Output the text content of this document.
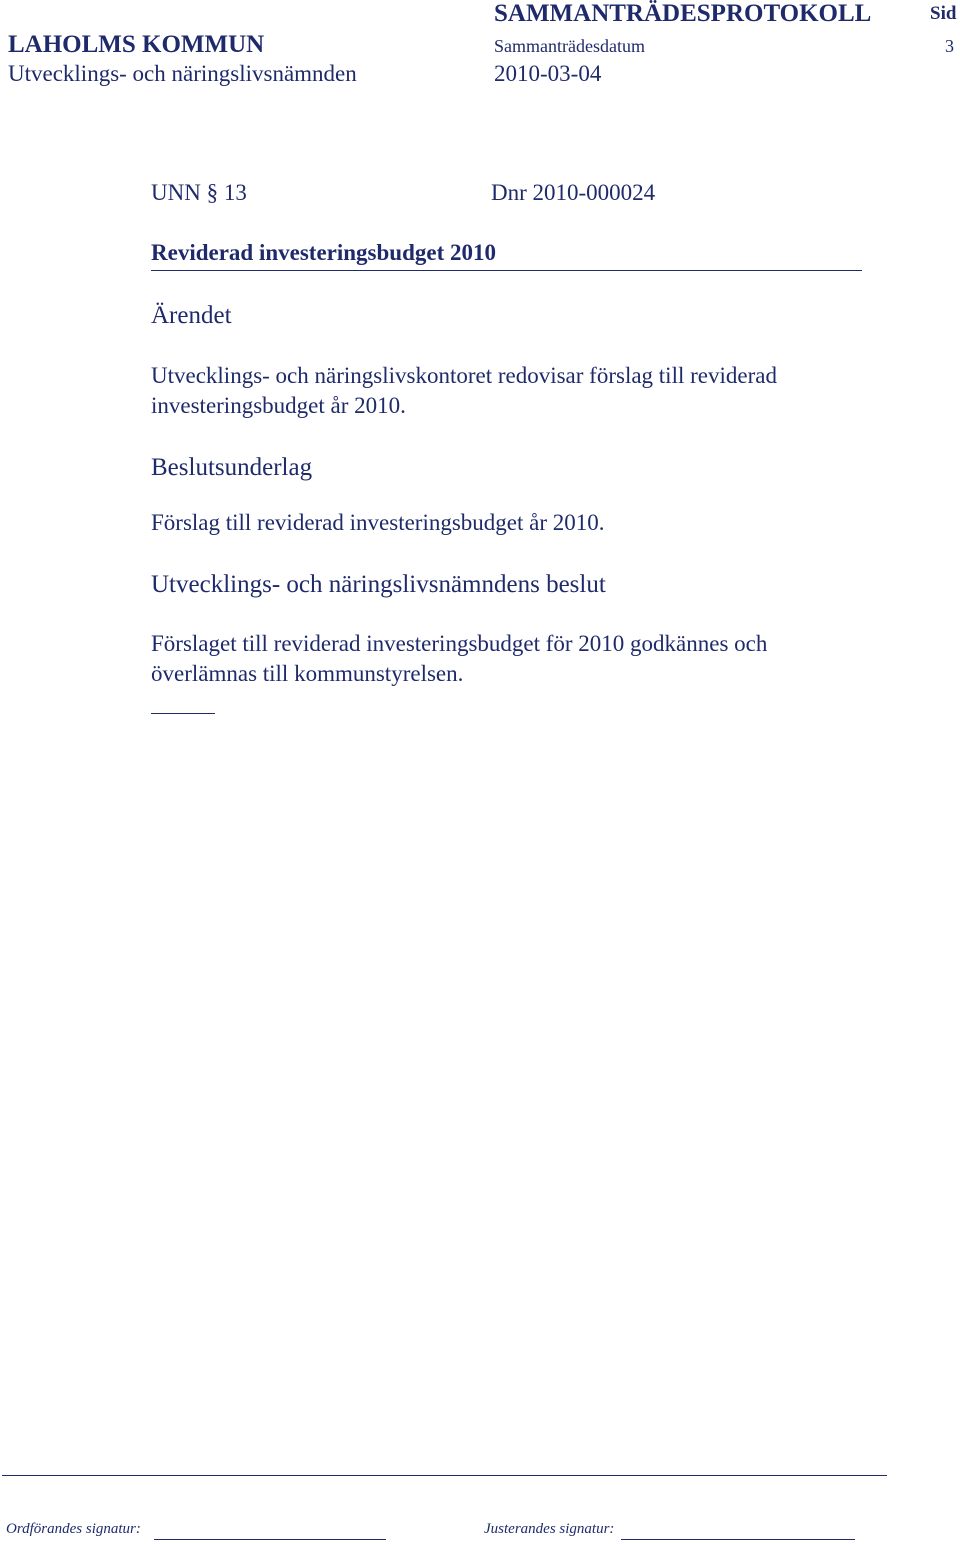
SAMMANTRÄDESPROTOKOLL	Sid
LAHOLMS KOMMUN	Sammanträdesdatum	3
Utvecklings- och näringslivsnämnden	2010-03-04
UNN § 13	Dnr 2010-000024
Reviderad investeringsbudget 2010
Ärendet
Utvecklings- och näringslivskontoret redovisar förslag till reviderad
investeringsbudget år 2010.
Beslutsunderlag
Förslag till reviderad investeringsbudget år 2010.
Utvecklings- och näringslivsnämndens beslut
Förslaget till reviderad investeringsbudget för 2010 godkännes och
överlämnas till kommunstyrelsen.
Ordförandes signatur:	Justerandes signatur:
